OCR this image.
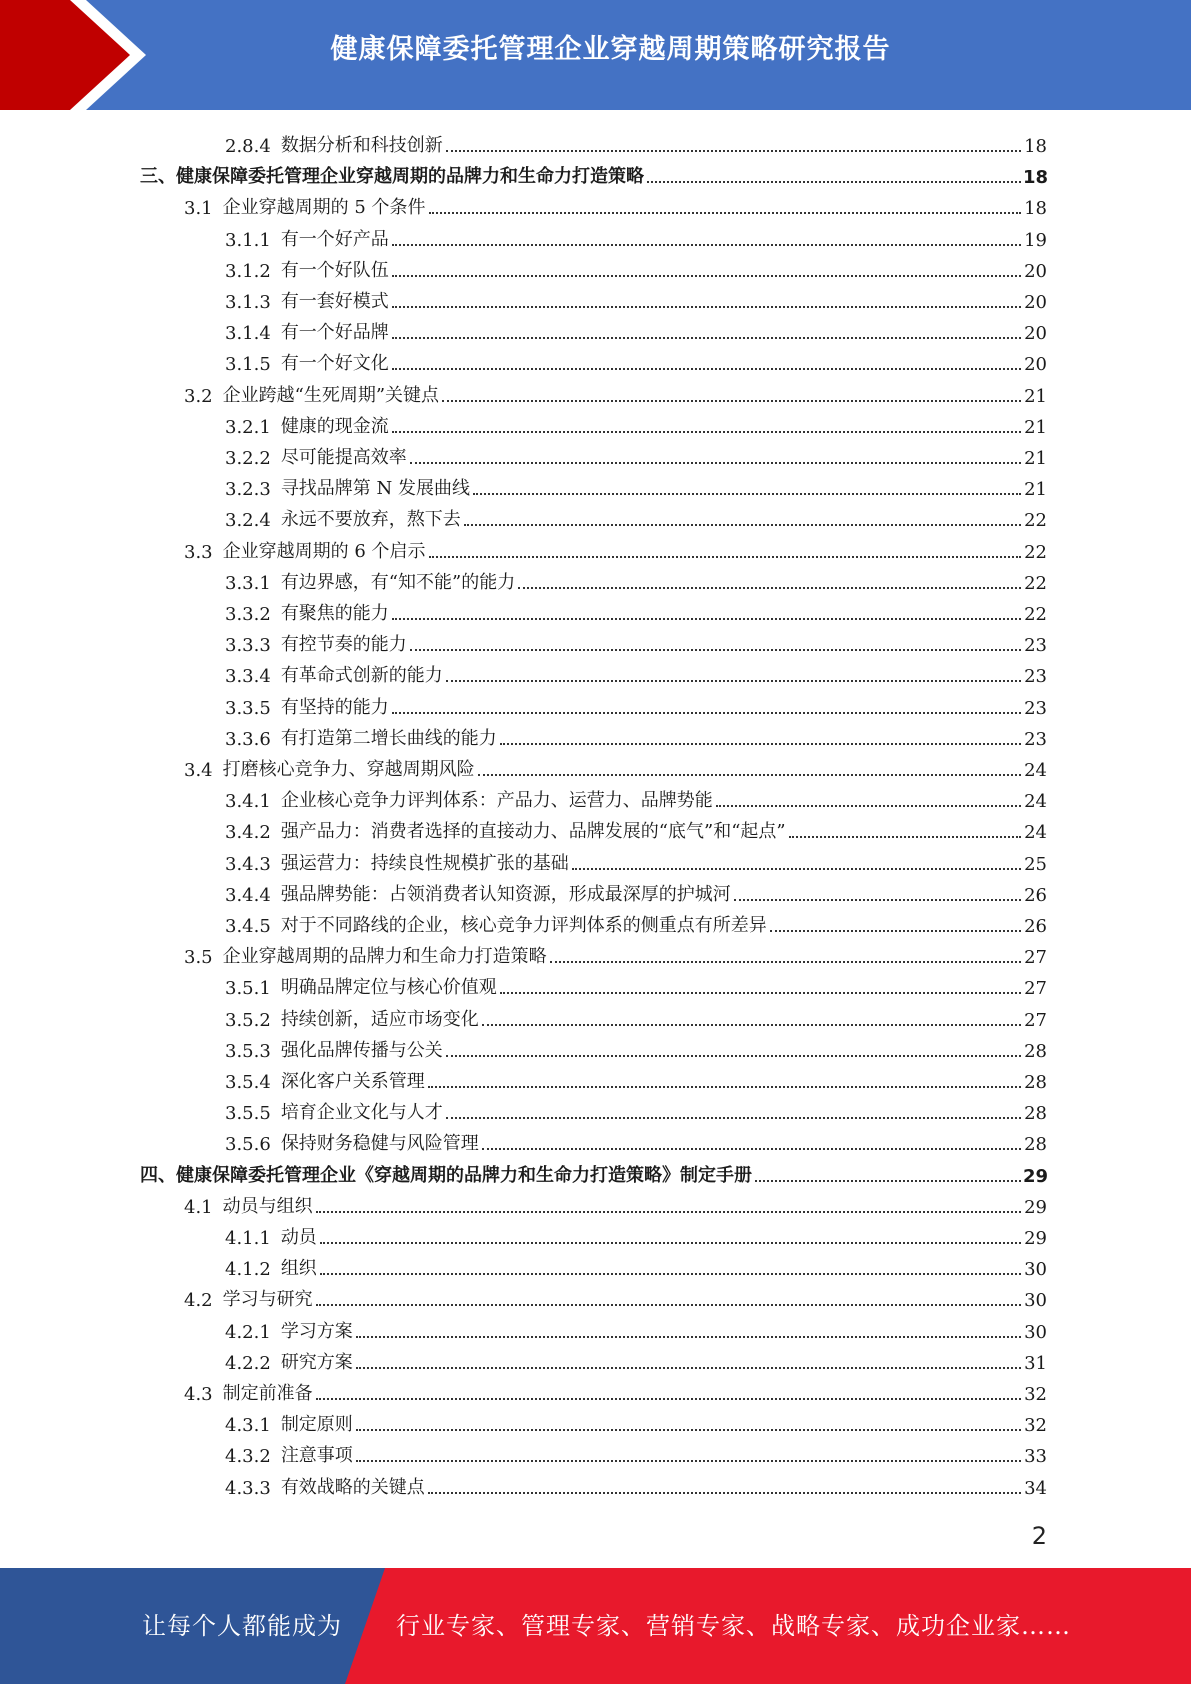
健康保障委托管理企业穿越周期策略研究报告
2.8.4 数据分析和科技创新	18
三、 健康保障委托管理企业穿越周期的品牌力和生命力打造策略	18
3.1 企业穿越周期的 5 个条件	18
3.1.1 有一个好产品	19
3.1.2 有一个好队伍	20
3.1.3 有一套好模式	20
3.1.4 有一个好品牌	20
3.1.5 有一个好文化	20
3.2 企业跨越“生死周期”关键点	21
3.2.1 健康的现金流	21
3.2.2 尽可能提高效率	21
3.2.3 寻找品牌第 N 发展曲线	21
3.2.4 永远不要放弃，熬下去	22
3.3 企业穿越周期的 6 个启示	22
3.3.1 有边界感，有“知不能”的能力	22
3.3.2 有聚焦的能力	22
3.3.3 有控节奏的能力	23
3.3.4 有革命式创新的能力	23
3.3.5 有坚持的能力	23
3.3.6 有打造第二增长曲线的能力	23
3.4 打磨核心竞争力、穿越周期风险	24
3.4.1 企业核心竞争力评判体系：产品力、运营力、品牌势能	24
3.4.2 强产品力：消费者选择的直接动力、品牌发展的“底气”和“起点”	24
3.4.3 强运营力：持续良性规模扩张的基础	25
3.4.4 强品牌势能：占领消费者认知资源，形成最深厚的护城河	26
3.4.5 对于不同路线的企业，核心竞争力评判体系的侧重点有所差异	26
3.5 企业穿越周期的品牌力和生命力打造策略	27
3.5.1 明确品牌定位与核心价值观	27
3.5.2 持续创新，适应市场变化	27
3.5.3 强化品牌传播与公关	28
3.5.4 深化客户关系管理	28
3.5.5 培育企业文化与人才	28
3.5.6 保持财务稳健与风险管理	28
四、 健康保障委托管理企业《穿越周期的品牌力和生命力打造策略》制定手册	29
4.1 动员与组织	29
4.1.1 动员	29
4.1.2 组织	30
4.2 学习与研究	30
4.2.1 学习方案	30
4.2.2 研究方案	31
4.3 制定前准备	32
4.3.1 制定原则	32
4.3.2 注意事项	33
4.3.3 有效战略的关键点	34
2
让每个人都能成为 行业专家、管理专家、营销专家、战略专家、成功企业家……
